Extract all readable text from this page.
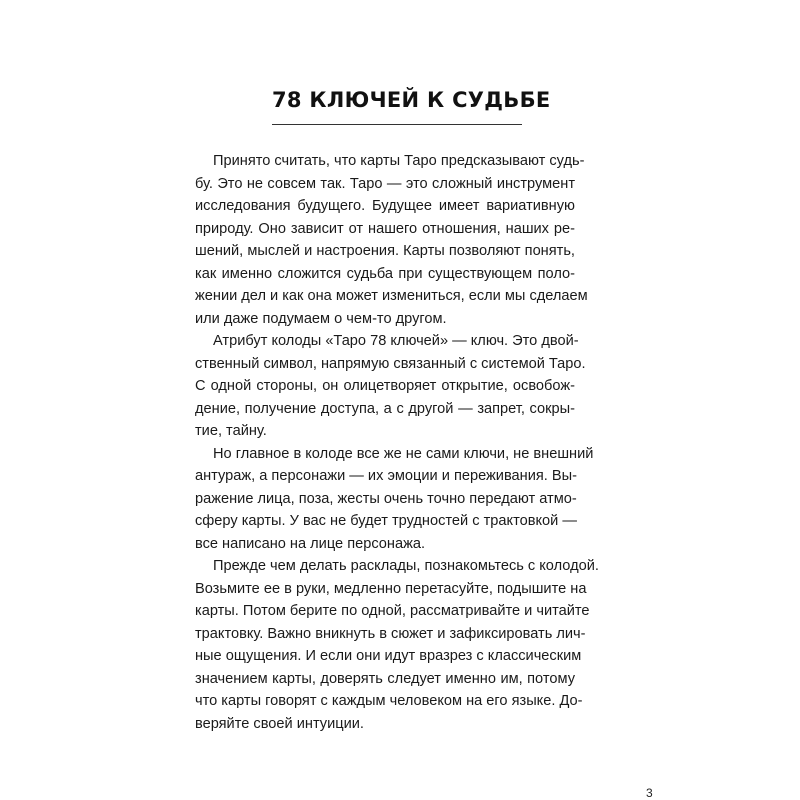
78 КЛЮЧЕЙ К СУДЬБЕ
Принято считать, что карты Таро предсказывают судь-
бу. Это не совсем так. Таро — это сложный инструмент
исследования будущего. Будущее имеет вариативную
природу. Оно зависит от нашего отношения, наших ре-
шений, мыслей и настроения. Карты позволяют понять,
как именно сложится судьба при существующем поло-
жении дел и как она может измениться, если мы сделаем
или даже подумаем о чем-то другом.
Атрибут колоды «Таро 78 ключей» — ключ. Это двой-
ственный символ, напрямую связанный с системой Таро.
С одной стороны, он олицетворяет открытие, освобож-
дение, получение доступа, а с другой — запрет, сокры-
тие, тайну.
Но главное в колоде все же не сами ключи, не внешний
антураж, а персонажи — их эмоции и переживания. Вы-
ражение лица, поза, жесты очень точно передают атмо-
сферу карты. У вас не будет трудностей с трактовкой —
все написано на лице персонажа.
Прежде чем делать расклады, познакомьтесь с колодой.
Возьмите ее в руки, медленно перетасуйте, подышите на
карты. Потом берите по одной, рассматривайте и читайте
трактовку. Важно вникнуть в сюжет и зафиксировать лич-
ные ощущения. И если они идут вразрез с классическим
значением карты, доверять следует именно им, потому
что карты говорят с каждым человеком на его языке. До-
веряйте своей интуиции.
3
